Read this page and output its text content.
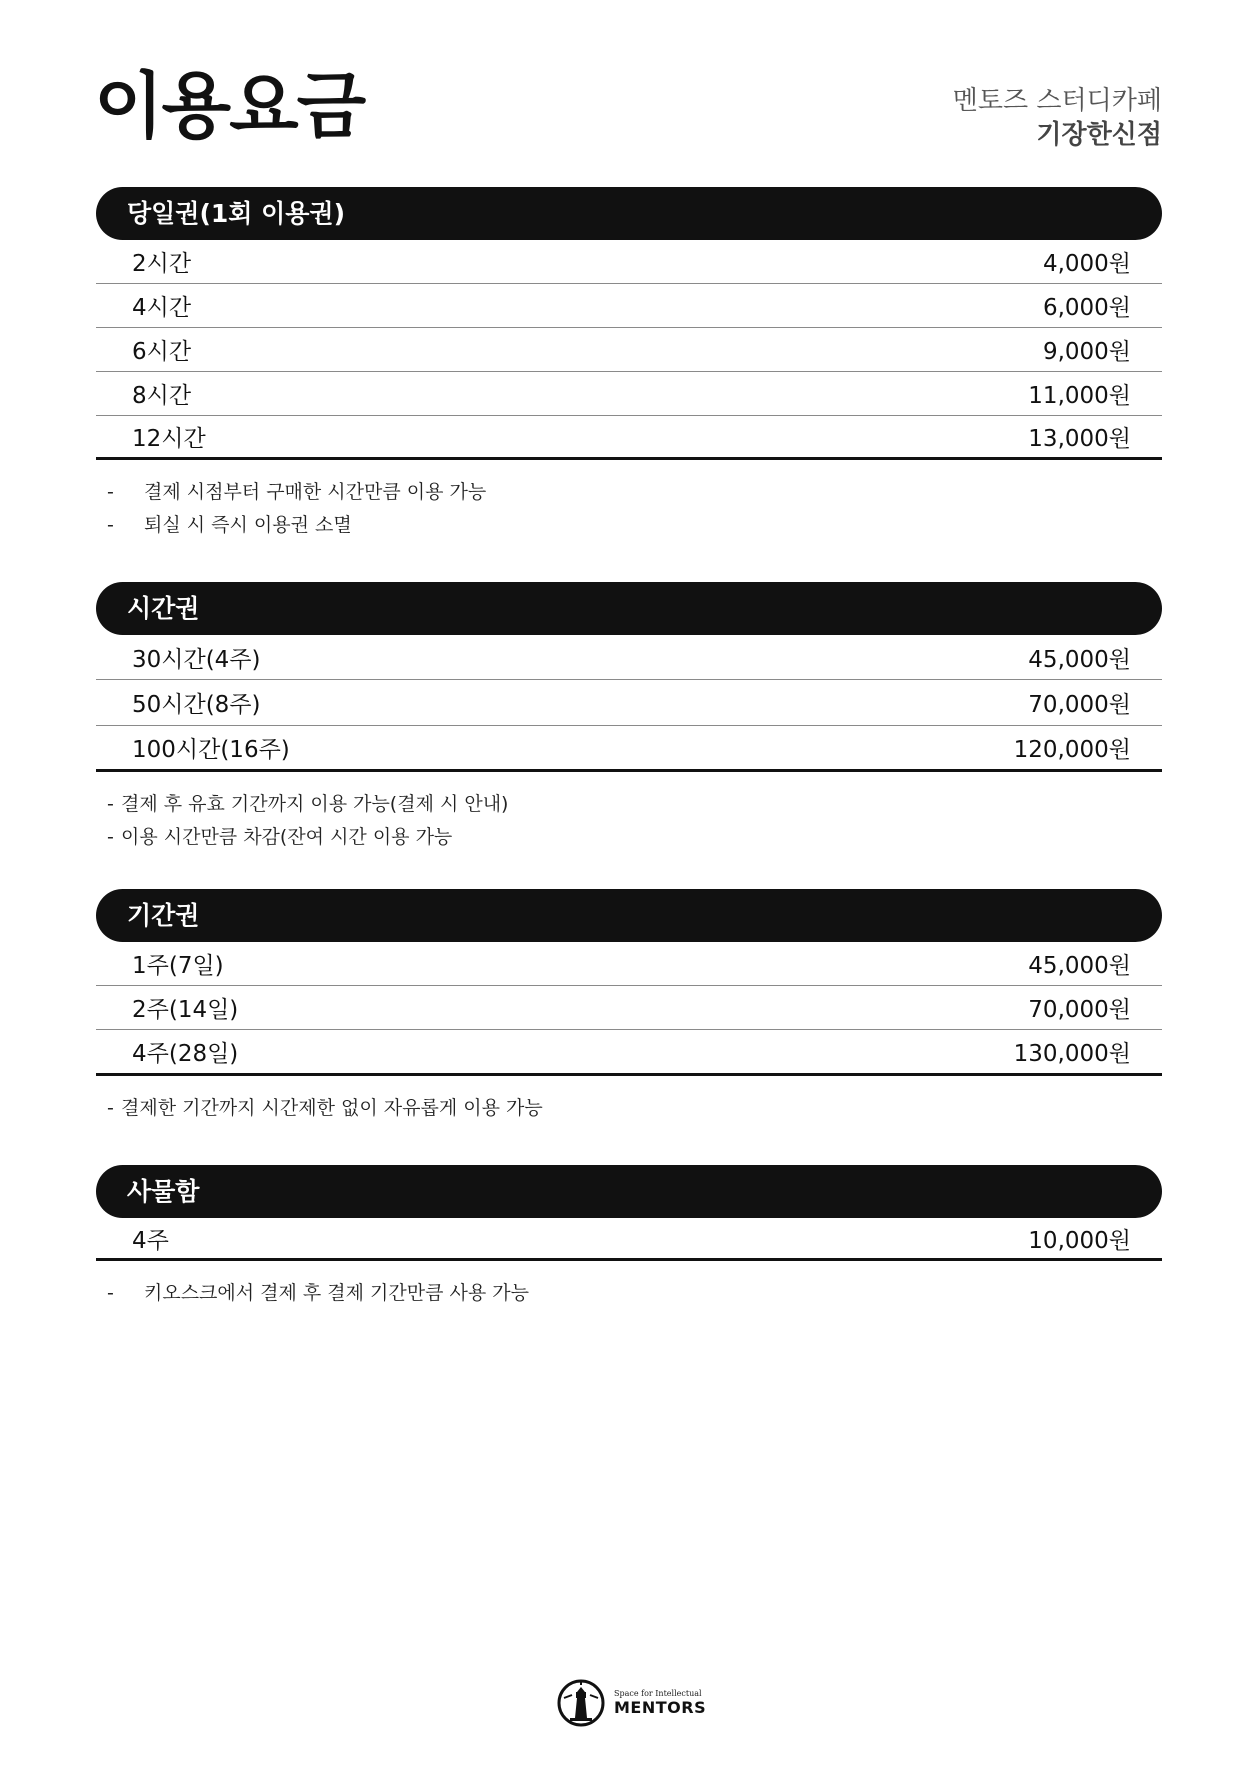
이용요금	멘토즈 스터디카페
기장한신점
당일권(1회 이용권)
2시간	4,000원
4시간	6,000원
6시간	9,000원
8시간	11,000원
12시간	13,000원
-	결제 시점부터 구매한 시간만큼 이용 가능
-	퇴실 시 즉시 이용권 소멸
시간권
30시간(4주)	45,000원
50시간(8주)	70,000원
100시간(16주)	120,000원
- 결제 후 유효 기간까지 이용 가능(결제 시 안내)
- 이용 시간만큼 차감(잔여 시간 이용 가능
기간권
1주(7일)	45,000원
2주(14일)	70,000원
4주(28일)	130,000원
- 결제한 기간까지 시간제한 없이 자유롭게 이용 가능
사물함
4주	10,000원
-	키오스크에서 결제 후 결제 기간만큼 사용 가능
Space for Intellectual
MENTORS
